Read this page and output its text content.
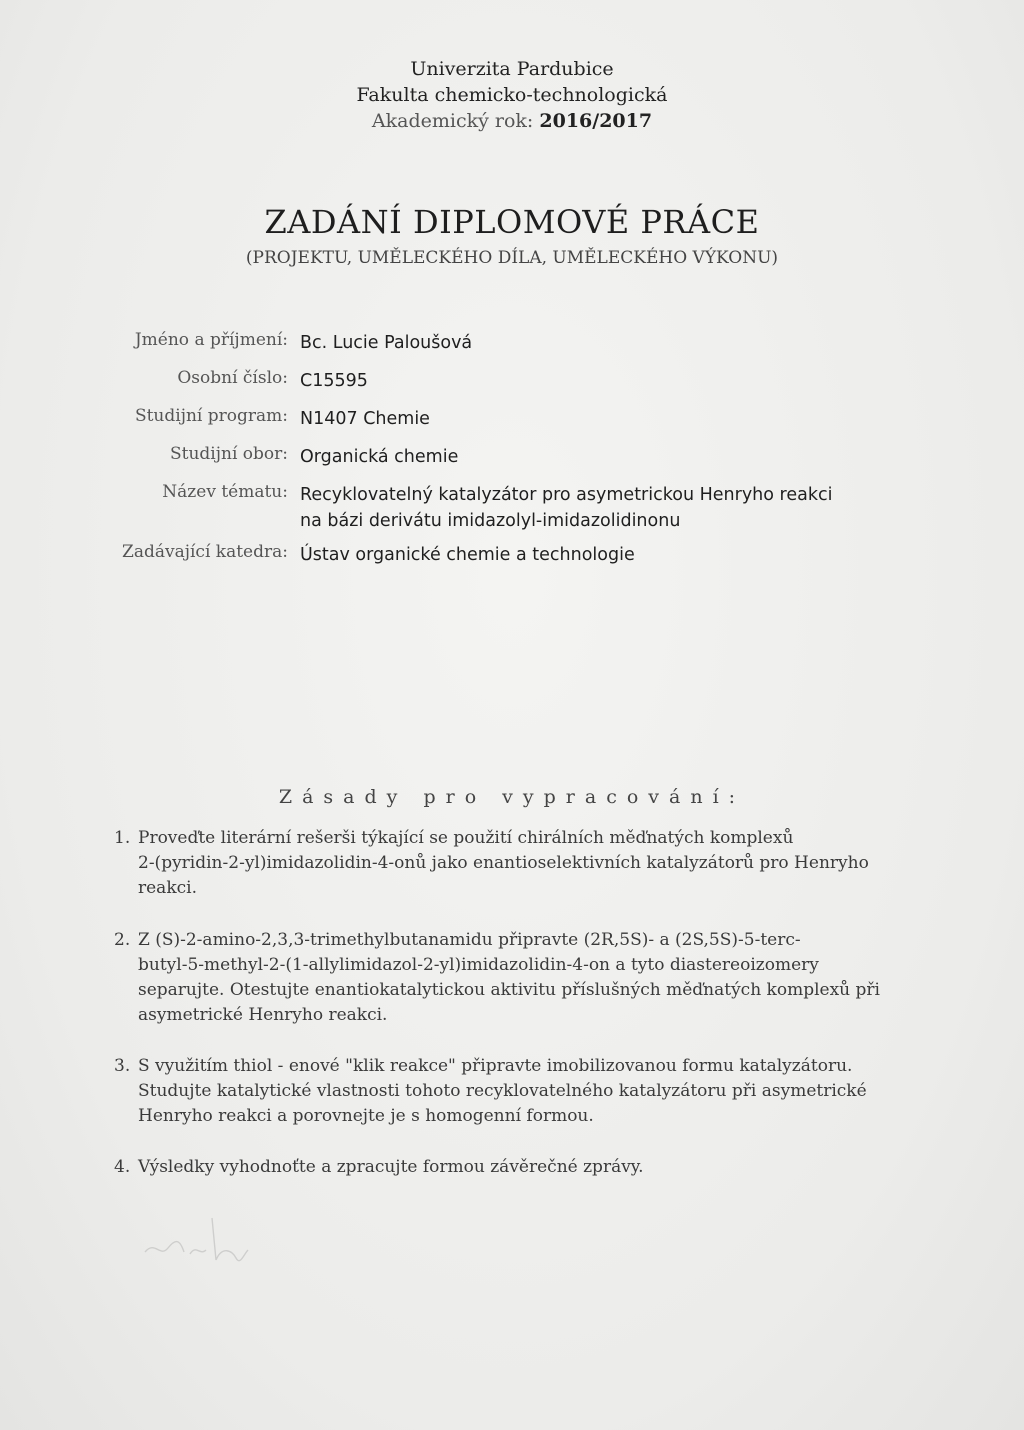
Univerzita Pardubice
Fakulta chemicko-technologická
Akademický rok: 2016/2017
ZADÁNÍ DIPLOMOVÉ PRÁCE
(PROJEKTU, UMĚLECKÉHO DÍLA, UMĚLECKÉHO VÝKONU)
Jméno a příjmení: Bc. Lucie Paloušová
Osobní číslo: C15595
Studijní program: N1407 Chemie
Studijní obor: Organická chemie
Název tématu: Recyklovatelný katalyzátor pro asymetrickou Henryho reakci
na bázi derivátu imidazolyl-imidazolidinonu
Zadávající katedra: Ústav organické chemie a technologie
Zásady pro vypracování:
1. Proveďte literární rešerši týkající se použití chirálních měďnatých komplexů
2-(pyridin-2-yl)imidazolidin-4-onů jako enantioselektivních katalyzátorů pro Henryho
reakci.
2. Z (S)-2-amino-2,3,3-trimethylbutanamidu připravte (2R,5S)- a (2S,5S)-5-terc-
butyl-5-methyl-2-(1-allylimidazol-2-yl)imidazolidin-4-on a tyto diastereoizomery
separujte. Otestujte enantiokatalytickou aktivitu příslušných měďnatých komplexů při
asymetrické Henryho reakci.
3. S využitím thiol - enové "klik reakce" připravte imobilizovanou formu katalyzátoru.
Studujte katalytické vlastnosti tohoto recyklovatelného katalyzátoru při asymetrické
Henryho reakci a porovnejte je s homogenní formou.
4. Výsledky vyhodnoťte a zpracujte formou závěrečné zprávy.
